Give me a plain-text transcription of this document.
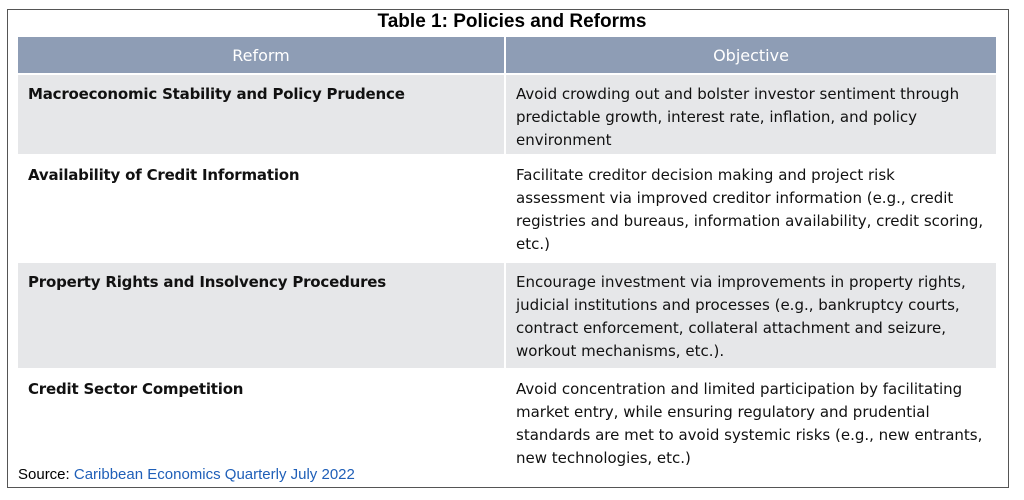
Table 1: Policies and Reforms
Reform	Objective
Macroeconomic Stability and Policy Prudence	Avoid crowding out and bolster investor sentiment through predictable growth, interest rate, inflation, and policy environment
Availability of Credit Information	Facilitate creditor decision making and project risk assessment via improved creditor information (e.g., credit registries and bureaus, information availability, credit scoring, etc.)
Property Rights and Insolvency Procedures	Encourage investment via improvements in property rights, judicial institutions and processes (e.g., bankruptcy courts, contract enforcement, collateral attachment and seizure, workout mechanisms, etc.).
Credit Sector Competition	Avoid concentration and limited participation by facilitating market entry, while ensuring regulatory and prudential standards are met to avoid systemic risks (e.g., new entrants, new technologies, etc.)
Source: Caribbean Economics Quarterly July 2022
